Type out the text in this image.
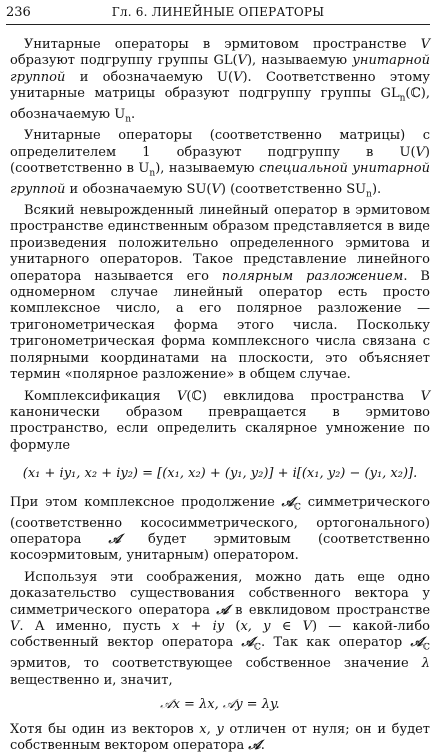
236	Гл. 6. ЛИНЕЙНЫЕ ОПЕРАТОРЫ

Унитарные операторы в эрмитовом пространстве V образуют подгруппу группы GL(V), называемую унитарной группой и обозначаемую U(V). Соответственно этому унитарные матрицы образуют подгруппу группы $GL_n(ℂ)$, обозначаемую $U_n$.

Унитарные операторы (соответственно матрицы) с определителем 1 образуют подгруппу в U(V) (соответственно в $U_n$), называемую специальной унитарной группой и обозначаемую SU(V) (соответственно $SU_n$).

Всякий невырожденный линейный оператор в эрмитовом пространстве единственным образом представляется в виде произведения положительно определенного эрмитова и унитарного операторов. Такое представление линейного оператора называется его полярным разложением. В одномерном случае линейный оператор есть просто комплексное число, а его полярное разложение — тригонометрическая форма этого числа. Поскольку тригонометрическая форма комплексного числа связана с полярными координатами на плоскости, это объясняет термин «полярное разложение» в общем случае.

Комплексификация V(ℂ) евклидова пространства V канонически образом превращается в эрмитово пространство, если определить скалярное умножение по формуле

(x₁ + iy₁, x₂ + iy₂) = [(x₁, x₂) + (y₁, y₂)] + i[(x₁, y₂) − (y₁, x₂)].

При этом комплексное продолжение 𝒜$_ℂ$ симметрического (соответственно кососимметрического, ортогонального) оператора 𝒜 будет эрмитовым (соответственно косоэрмитовым, унитарным) оператором.

Используя эти соображения, можно дать еще одно доказательство существования собственного вектора у симметрического оператора 𝒜 в евклидовом пространстве V. А именно, пусть x + iy (x, y ∈ V) — какой-либо собственный вектор оператора 𝒜$_ℂ$. Так как оператор 𝒜$_ℂ$ эрмитов, то соответствующее собственное значение λ вещественно и, значит,

𝒜x = λx, 𝒜y = λy.

Хотя бы один из векторов x, y отличен от нуля; он и будет собственным вектором оператора 𝒜.
